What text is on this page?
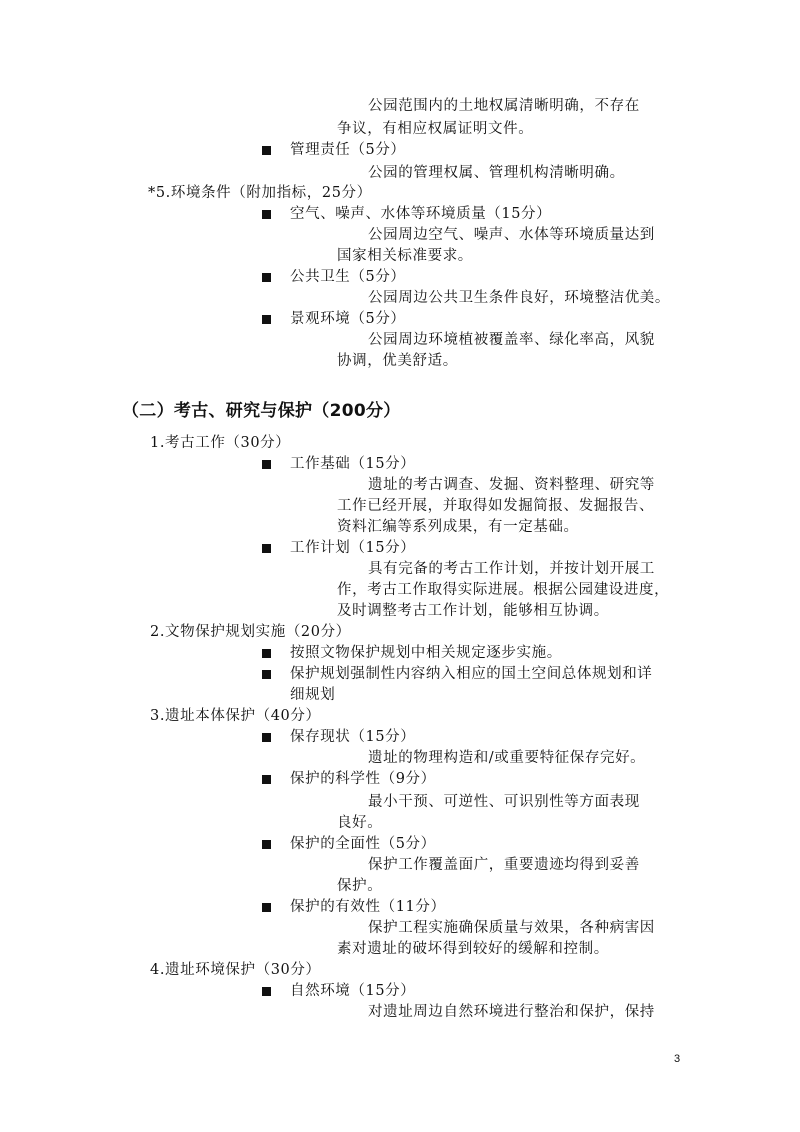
公园范围内的土地权属清晰明确，不存在
争议，有相应权属证明文件。
管理责任（5分）
公园的管理权属、管理机构清晰明确。
*5.环境条件（附加指标，25分）
空气、噪声、水体等环境质量（15分）
公园周边空气、噪声、水体等环境质量达到
国家相关标准要求。
公共卫生（5分）
公园周边公共卫生条件良好，环境整洁优美。
景观环境（5分）
公园周边环境植被覆盖率、绿化率高，风貌
协调，优美舒适。
（二）考古、研究与保护（200分）
1.考古工作（30分）
工作基础（15分）
遗址的考古调查、发掘、资料整理、研究等
工作已经开展，并取得如发掘简报、发掘报告、
资料汇编等系列成果，有一定基础。
工作计划（15分）
具有完备的考古工作计划，并按计划开展工
作，考古工作取得实际进展。根据公园建设进度，
及时调整考古工作计划，能够相互协调。
2.文物保护规划实施（20分）
按照文物保护规划中相关规定逐步实施。
保护规划强制性内容纳入相应的国土空间总体规划和详
细规划
3.遗址本体保护（40分）
保存现状（15分）
遗址的物理构造和/或重要特征保存完好。
保护的科学性（9分）
最小干预、可逆性、可识别性等方面表现
良好。
保护的全面性（5分）
保护工作覆盖面广，重要遗迹均得到妥善
保护。
保护的有效性（11分）
保护工程实施确保质量与效果，各种病害因
素对遗址的破坏得到较好的缓解和控制。
4.遗址环境保护（30分）
自然环境（15分）
对遗址周边自然环境进行整治和保护，保持
3
